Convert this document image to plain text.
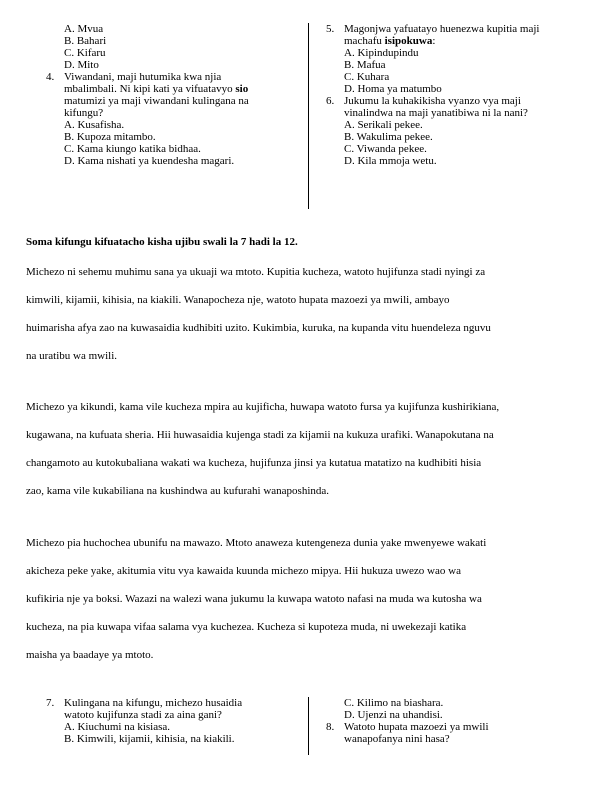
A. Mvua
B. Bahari
C. Kifaru
D. Mito
4. Viwandani, maji hutumika kwa njia
mbalimbali. Ni kipi kati ya vifuatavyo sio
matumizi ya maji viwandani kulingana na
kifungu?
A. Kusafisha.
B. Kupoza mitambo.
C. Kama kiungo katika bidhaa.
D. Kama nishati ya kuendesha magari.
5. Magonjwa yafuatayo huenezwa kupitia maji
machafu isipokuwa:
A. Kipindupindu
B. Mafua
C. Kuhara
D. Homa ya matumbo
6. Jukumu la kuhakikisha vyanzo vya maji
vinalindwa na maji yanatibiwa ni la nani?
A. Serikali pekee.
B. Wakulima pekee.
C. Viwanda pekee.
D. Kila mmoja wetu.
Soma kifungu kifuatacho kisha ujibu swali la 7 hadi la 12.
Michezo ni sehemu muhimu sana ya ukuaji wa mtoto. Kupitia kucheza, watoto hujifunza stadi nyingi za
kimwili, kijamii, kihisia, na kiakili. Wanapocheza nje, watoto hupata mazoezi ya mwili, ambayo
huimarisha afya zao na kuwasaidia kudhibiti uzito. Kukimbia, kuruka, na kupanda vitu huendeleza nguvu
na uratibu wa mwili.
Michezo ya kikundi, kama vile kucheza mpira au kujificha, huwapa watoto fursa ya kujifunza kushirikiana,
kugawana, na kufuata sheria. Hii huwasaidia kujenga stadi za kijamii na kukuza urafiki. Wanapokutana na
changamoto au kutokubaliana wakati wa kucheza, hujifunza jinsi ya kutatua matatizo na kudhibiti hisia
zao, kama vile kukabiliana na kushindwa au kufurahi wanaposhinda.
Michezo pia huchochea ubunifu na mawazo. Mtoto anaweza kutengeneza dunia yake mwenyewe wakati
akicheza peke yake, akitumia vitu vya kawaida kuunda michezo mipya. Hii hukuza uwezo wao wa
kufikiria nje ya boksi. Wazazi na walezi wana jukumu la kuwapa watoto nafasi na muda wa kutosha wa
kucheza, na pia kuwapa vifaa salama vya kuchezea. Kucheza si kupoteza muda, ni uwekezaji katika
maisha ya baadaye ya mtoto.
7. Kulingana na kifungu, michezo husaidia
watoto kujifunza stadi za aina gani?
A. Kiuchumi na kisiasa.
B. Kimwili, kijamii, kihisia, na kiakili.
C. Kilimo na biashara.
D. Ujenzi na uhandisi.
8. Watoto hupata mazoezi ya mwili
wanapofanya nini hasa?
